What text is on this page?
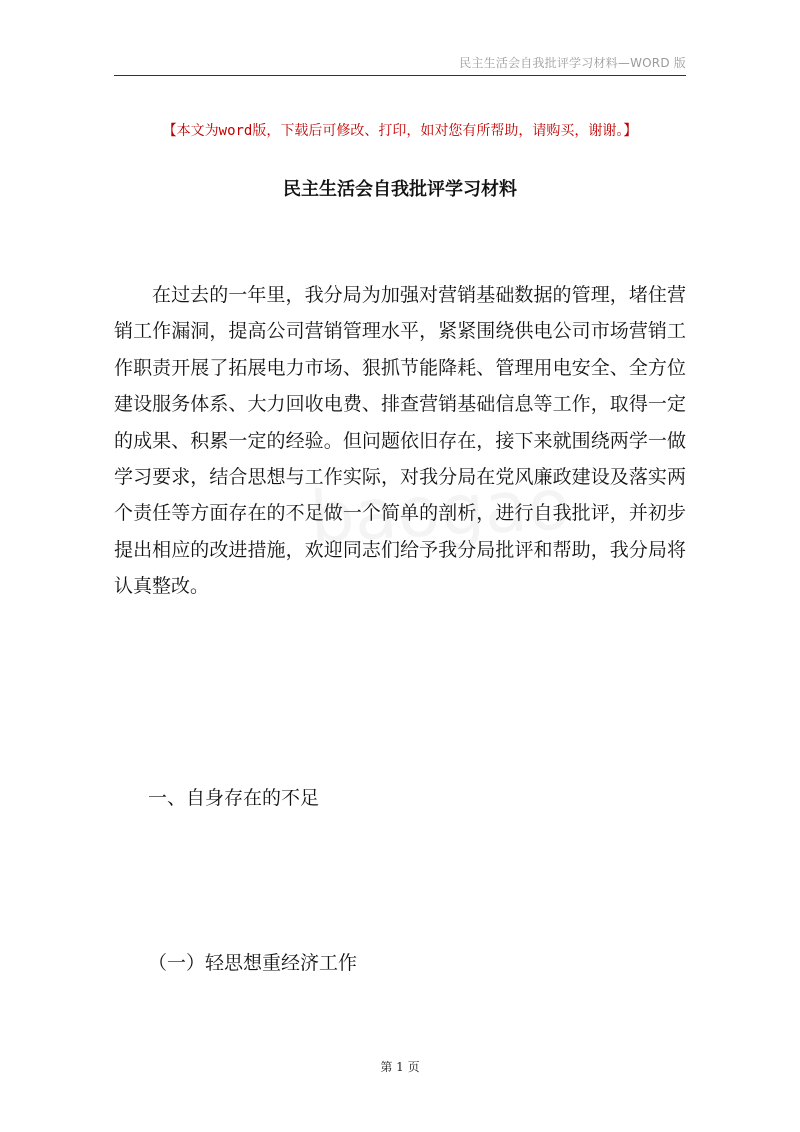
民主生活会自我批评学习材料—WORD 版
【本文为word版，下载后可修改、打印，如对您有所帮助，请购买，谢谢。】
民主生活会自我批评学习材料

在过去的一年里，我分局为加强对营销基础数据的管理，堵住营销工作漏洞，提高公司营销管理水平，紧紧围绕供电公司市场营销工作职责开展了拓展电力市场、狠抓节能降耗、管理用电安全、全方位建设服务体系、大力回收电费、排查营销基础信息等工作，取得一定的成果、积累一定的经验。但问题依旧存在，接下来就围绕两学一做学习要求，结合思想与工作实际，对我分局在党风廉政建设及落实两个责任等方面存在的不足做一个简单的剖析，进行自我批评，并初步提出相应的改进措施，欢迎同志们给予我分局批评和帮助，我分局将认真整改。

一、自身存在的不足
（一）轻思想重经济工作
第 1 页
